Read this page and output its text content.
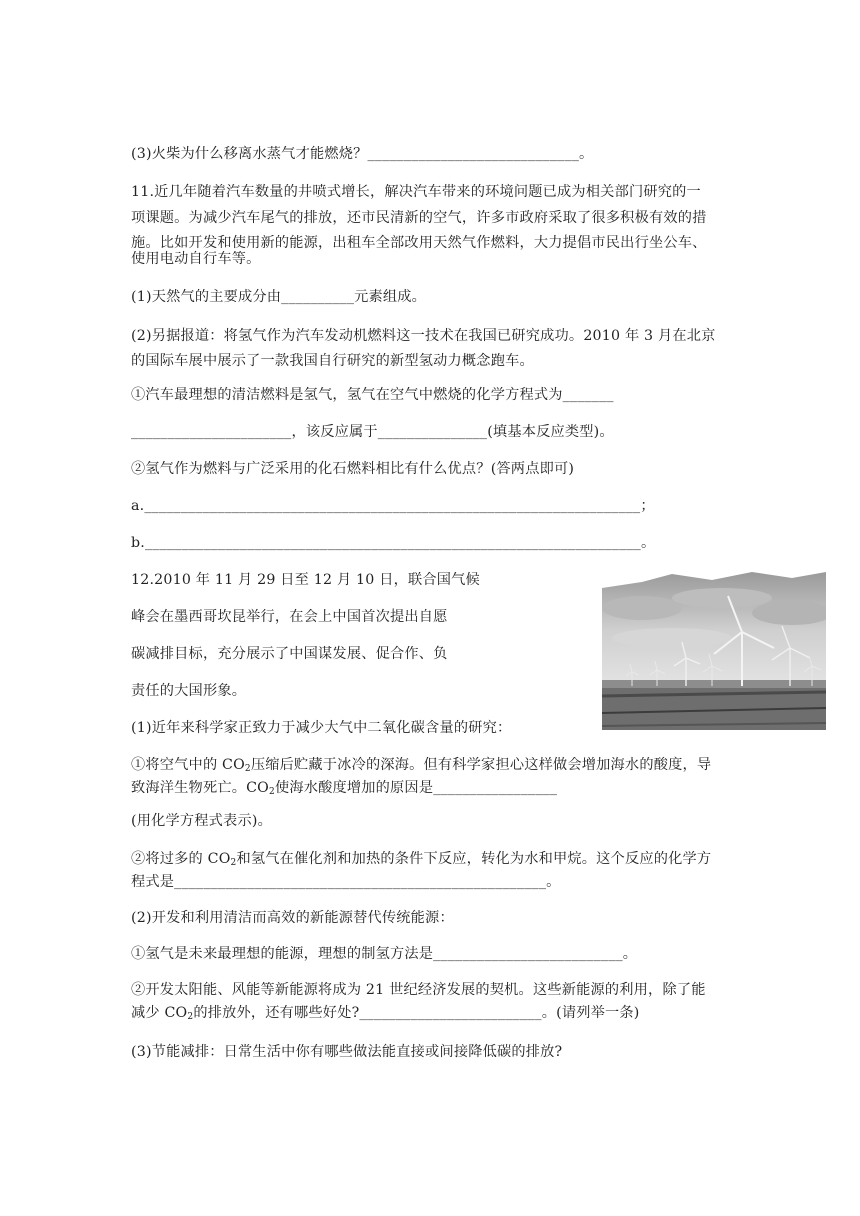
(3)火柴为什么移离水蒸气才能燃烧？_____________________________。
11.近几年随着汽车数量的井喷式增长，解决汽车带来的环境问题已成为相关部门研究的一
项课题。为减少汽车尾气的排放，还市民清新的空气，许多市政府采取了很多积极有效的措
施。比如开发和使用新的能源，出租车全部改用天然气作燃料，大力提倡市民出行坐公车、
使用电动自行车等。
(1)天然气的主要成分由__________元素组成。
(2)另据报道：将氢气作为汽车发动机燃料这一技术在我国已研究成功。2010 年 3 月在北京
的国际车展中展示了一款我国自行研究的新型氢动力概念跑车。
①汽车最理想的清洁燃料是氢气，氢气在空气中燃烧的化学方程式为_______
______________________，该反应属于_______________(填基本反应类型)。
②氢气作为燃料与广泛采用的化石燃料相比有什么优点？(答两点即可)
a.____________________________________________________________________；
b.____________________________________________________________________。
12.2010 年 11 月 29 日至 12 月 10 日，联合国气候
峰会在墨西哥坎昆举行，在会上中国首次提出自愿
碳减排目标，充分展示了中国谋发展、促合作、负
责任的大国形象。
(1)近年来科学家正致力于减少大气中二氧化碳含量的研究：
①将空气中的 $CO_2$压缩后贮藏于冰冷的深海。但有科学家担心这样做会增加海水的酸度，导
致海洋生物死亡。$CO_2$使海水酸度增加的原因是_________________
(用化学方程式表示)。
②将过多的 $CO_2$和氢气在催化剂和加热的条件下反应，转化为水和甲烷。这个反应的化学方
程式是___________________________________________________。
(2)开发和利用清洁而高效的新能源替代传统能源：
①氢气是未来最理想的能源，理想的制氢方法是__________________________。
②开发太阳能、风能等新能源将成为 21 世纪经济发展的契机。这些新能源的利用，除了能
减少 $CO_2$的排放外，还有哪些好处?_________________________。(请列举一条)
(3)节能减排：日常生活中你有哪些做法能直接或间接降低碳的排放?
